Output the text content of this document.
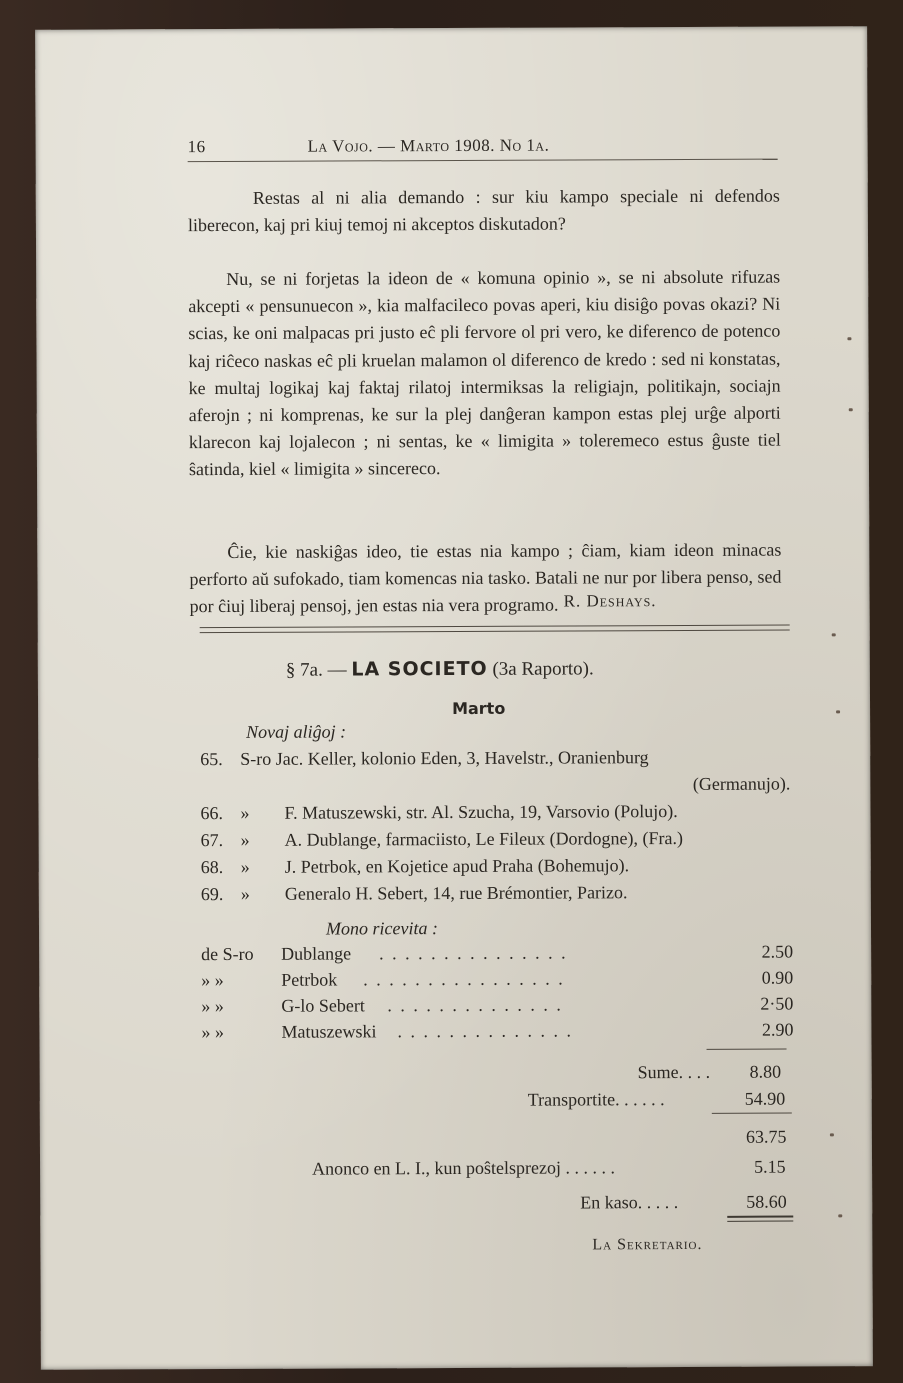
16	La Vojo. — Marto 1908. No 1a.
Restas al ni alia demando : sur kiu kampo speciale ni defendos liberecon, kaj pri kiuj temoj ni akceptos diskutadon?
Nu, se ni forjetas la ideon de « komuna opinio », se ni absolute rifuzas akcepti « pensunuecon », kia malfacileco povas aperi, kiu disiĝo povas okazi? Ni scias, ke oni malpacas pri justo eĉ pli fervore ol pri vero, ke diferenco de potenco kaj riĉeco naskas eĉ pli kruelan malamon ol diferenco de kredo : sed ni konstatas, ke multaj logikaj kaj faktaj rilatoj intermiksas la religiajn, politikajn, sociajn aferojn ; ni komprenas, ke sur la plej danĝeran kampon estas plej urĝe alporti klarecon kaj lojalecon ; ni sentas, ke « limigita » toleremeco estus ĝuste tiel ŝatinda, kiel « limigita » sincereco.
Ĉie, kie naskiĝas ideo, tie estas nia kampo ; ĉiam, kiam ideon minacas perforto aŭ sufokado, tiam komencas nia tasko. Batali ne nur por libera penso, sed por ĉiuj liberaj pensoj, jen estas nia vera programo. R. Deshays.
§ 7a. — LA SOCIETO (3a Raporto).
Marto
Novaj aliĝoj :
65. S-ro Jac. Keller, kolonio Eden, 3, Havelstr., Oranienburg
(Germanujo).
66. » F. Matuszewski, str. Al. Szucha, 19, Varsovio (Polujo).
67. » A. Dublange, farmaciisto, Le Fileux (Dordogne), (Fra.)
68. » J. Petrbok, en Kojetice apud Praha (Bohemujo).
69. » Generalo H. Sebert, 14, rue Brémontier, Parizo.
Mono ricevita :
de S-ro	Dublange . . . . . . . . . . . . . . .	2.50
» »	Petrbok . . . . . . . . . . . . . . . .	0.90
» »	G-lo Sebert . . . . . . . . . . . . . .	2·50
» »	Matuszewski . . . . . . . . . . . . . .	2.90
Sume. . . . 8.80
Transportite. . . . . .	54.90
63.75
Anonco en L. I., kun poŝtelsprezoj . . . . . .	5.15
En kaso. . . . .	58.60
La Sekretario.
